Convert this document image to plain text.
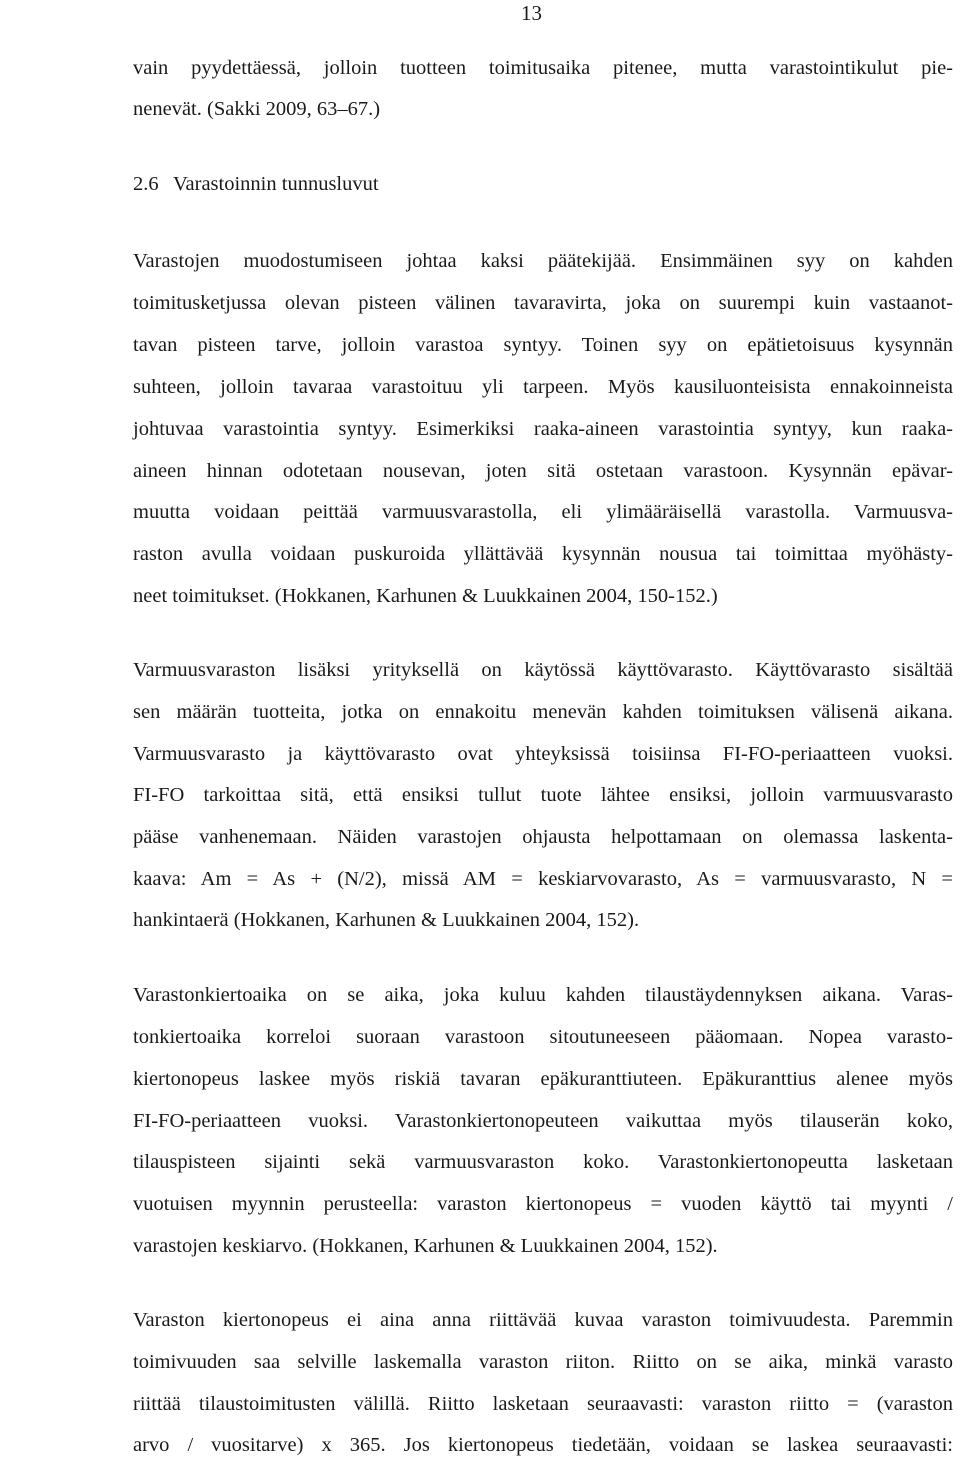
13
vain pyydettäessä, jolloin tuotteen toimitusaika pitenee, mutta varastointikulut pie-
nenevät. (Sakki 2009, 63–67.)
2.6 Varastoinnin tunnusluvut
Varastojen muodostumiseen johtaa kaksi päätekijää. Ensimmäinen syy on kahden
toimitusketjussa olevan pisteen välinen tavaravirta, joka on suurempi kuin vastaanot-
tavan pisteen tarve, jolloin varastoa syntyy. Toinen syy on epätietoisuus kysynnän
suhteen, jolloin tavaraa varastoituu yli tarpeen. Myös kausiluonteisista ennakoinneista
johtuvaa varastointia syntyy. Esimerkiksi raaka-aineen varastointia syntyy, kun raaka-
aineen hinnan odotetaan nousevan, joten sitä ostetaan varastoon. Kysynnän epävar-
muutta voidaan peittää varmuusvarastolla, eli ylimääräisellä varastolla. Varmuusva-
raston avulla voidaan puskuroida yllättävää kysynnän nousua tai toimittaa myöhästy-
neet toimitukset. (Hokkanen, Karhunen & Luukkainen 2004, 150-152.)
Varmuusvaraston lisäksi yrityksellä on käytössä käyttövarasto. Käyttövarasto sisältää
sen määrän tuotteita, jotka on ennakoitu menevän kahden toimituksen välisenä aikana.
Varmuusvarasto ja käyttövarasto ovat yhteyksissä toisiinsa FI-FO-periaatteen vuoksi.
FI-FO tarkoittaa sitä, että ensiksi tullut tuote lähtee ensiksi, jolloin varmuusvarasto
pääse vanhenemaan. Näiden varastojen ohjausta helpottamaan on olemassa laskenta-
kaava: Am = As + (N/2), missä AM = keskiarvovarasto, As = varmuusvarasto, N =
hankintaerä (Hokkanen, Karhunen & Luukkainen 2004, 152).
Varastonkiertoaika on se aika, joka kuluu kahden tilaustäydennyksen aikana. Varas-
tonkiertoaika korreloi suoraan varastoon sitoutuneeseen pääomaan. Nopea varasto-
kiertonopeus laskee myös riskiä tavaran epäkuranttiuteen. Epäkuranttius alenee myös
FI-FO-periaatteen vuoksi. Varastonkiertonopeuteen vaikuttaa myös tilauserän koko,
tilauspisteen sijainti sekä varmuusvaraston koko. Varastonkiertonopeutta lasketaan
vuotuisen myynnin perusteella: varaston kiertonopeus = vuoden käyttö tai myynti /
varastojen keskiarvo. (Hokkanen, Karhunen & Luukkainen 2004, 152).
Varaston kiertonopeus ei aina anna riittävää kuvaa varaston toimivuudesta. Paremmin
toimivuuden saa selville laskemalla varaston riiton. Riitto on se aika, minkä varasto
riittää tilaustoimitusten välillä. Riitto lasketaan seuraavasti: varaston riitto = (varaston
arvo / vuositarve) x 365. Jos kiertonopeus tiedetään, voidaan se laskea seuraavasti:
